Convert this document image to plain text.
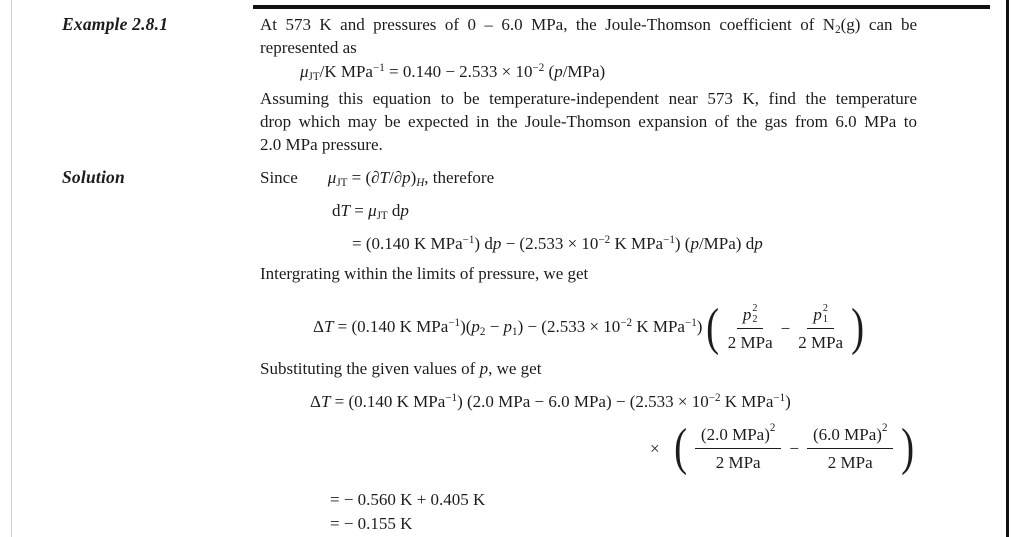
Example 2.8.1	At 573 K and pressures of 0 – 6.0 MPa, the Joule-Thomson coefficient of N2(g) can be
represented as
μJT/K $MPa^{-1} = 0.140 - 2.533 \times 10^{-2}$ (p/MPa)
Assuming this equation to be temperature-independent near 573 K, find the temperature
drop which may be expected in the Joule-Thomson expansion of the gas from 6.0 MPa to
2.0 MPa pressure.
Solution	Since μJT = (∂T/∂p)H, therefore
dT = μJT dp
= (0.140 K MPa$^{-1}$) dp − ($2.533 \times 10^{-2}$ K MPa$^{-1}$) (p/MPa) dp
Intergrating within the limits of pressure, we get
ΔT = (0.140 K $MPa^{-1})(p2 - p1) - (2.533 \times 10^{-2}$ K MPa$^{-1}$) ( p 2
2
2 MPa − p 2
1
2 MPa )
Substituting the given values of p, we get
ΔT = (0.140 K MPa$^{-1}$) (2.0 MPa − 6.0 $MPa) - (2.533 \times 10^{-2}$ K MPa$^{-1}$)
× ( $\frac{\text{(2.0 MPa) 2}}{\text{2 MPa}} - \frac{\text{(6.0 MPa) 2}}{\text{2 MPa}}$ )
= − 0.560 K + 0.405 K
= − 0.155 K
